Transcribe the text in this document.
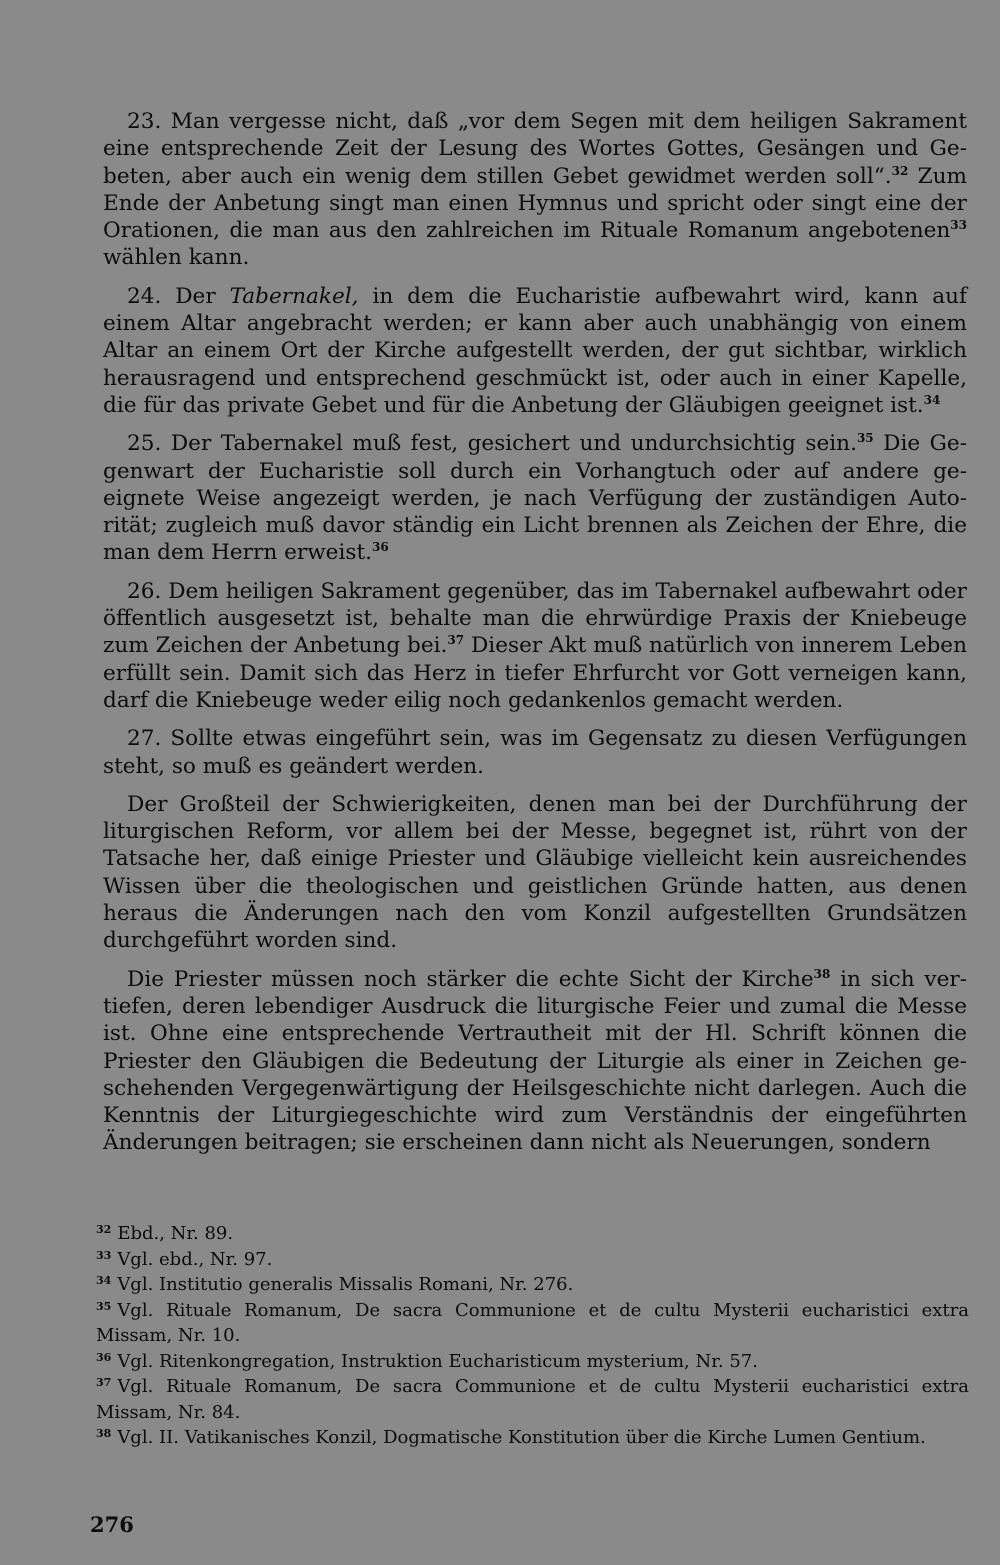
23. Man vergesse nicht, daß „vor dem Segen mit dem heiligen Sakrament eine entsprechende Zeit der Lesung des Wortes Gottes, Gesängen und Gebeten, aber auch ein wenig dem stillen Gebet gewidmet werden soll“.$^{32}$ Zum Ende der Anbetung singt man einen Hymnus und spricht oder singt eine der Orationen, die man aus den zahlreichen im Rituale Romanum angebotenen$^{33}$ wählen kann.

24. Der Tabernakel, in dem die Eucharistie aufbewahrt wird, kann auf einem Altar angebracht werden; er kann aber auch unabhängig von einem Altar an einem Ort der Kirche aufgestellt werden, der gut sichtbar, wirklich herausragend und entsprechend geschmückt ist, oder auch in einer Kapelle, die für das private Gebet und für die Anbetung der Gläubigen geeignet ist.$^{34}$

25. Der Tabernakel muß fest, gesichert und undurchsichtig sein.$^{35}$ Die Gegenwart der Eucharistie soll durch ein Vorhangtuch oder auf andere geeignete Weise angezeigt werden, je nach Verfügung der zuständigen Autorität; zugleich muß davor ständig ein Licht brennen als Zeichen der Ehre, die man dem Herrn erweist.$^{36}$

26. Dem heiligen Sakrament gegenüber, das im Tabernakel aufbewahrt oder öffentlich ausgesetzt ist, behalte man die ehrwürdige Praxis der Kniebeuge zum Zeichen der Anbetung bei.$^{37}$ Dieser Akt muß natürlich von innerem Leben erfüllt sein. Damit sich das Herz in tiefer Ehrfurcht vor Gott verneigen kann, darf die Kniebeuge weder eilig noch gedankenlos gemacht werden.

27. Sollte etwas eingeführt sein, was im Gegensatz zu diesen Verfügungen steht, so muß es geändert werden.

Der Großteil der Schwierigkeiten, denen man bei der Durchführung der liturgischen Reform, vor allem bei der Messe, begegnet ist, rührt von der Tatsache her, daß einige Priester und Gläubige vielleicht kein ausreichendes Wissen über die theologischen und geistlichen Gründe hatten, aus denen heraus die Änderungen nach den vom Konzil aufgestellten Grundsätzen durchgeführt worden sind.

Die Priester müssen noch stärker die echte Sicht der Kirche$^{38}$ in sich vertiefen, deren lebendiger Ausdruck die liturgische Feier und zumal die Messe ist. Ohne eine entsprechende Vertrautheit mit der Hl. Schrift können die Priester den Gläubigen die Bedeutung der Liturgie als einer in Zeichen geschehenden Vergegenwärtigung der Heilsgeschichte nicht darlegen. Auch die Kenntnis der Liturgiegeschichte wird zum Verständnis der eingeführten Änderungen beitragen; sie erscheinen dann nicht als Neuerungen, sondern

$^{32}$ Ebd., Nr. 89.

$^{33}$ Vgl. ebd., Nr. 97.

$^{34}$ Vgl. Institutio generalis Missalis Romani, Nr. 276.

$^{35}$ Vgl. Rituale Romanum, De sacra Communione et de cultu Mysterii eucharistici extra Missam, Nr. 10.

$^{36}$ Vgl. Ritenkongregation, Instruktion Eucharisticum mysterium, Nr. 57.

$^{37}$ Vgl. Rituale Romanum, De sacra Communione et de cultu Mysterii eucharistici extra Missam, Nr. 84.

$^{38}$ Vgl. II. Vatikanisches Konzil, Dogmatische Konstitution über die Kirche Lumen Gentium.

276
